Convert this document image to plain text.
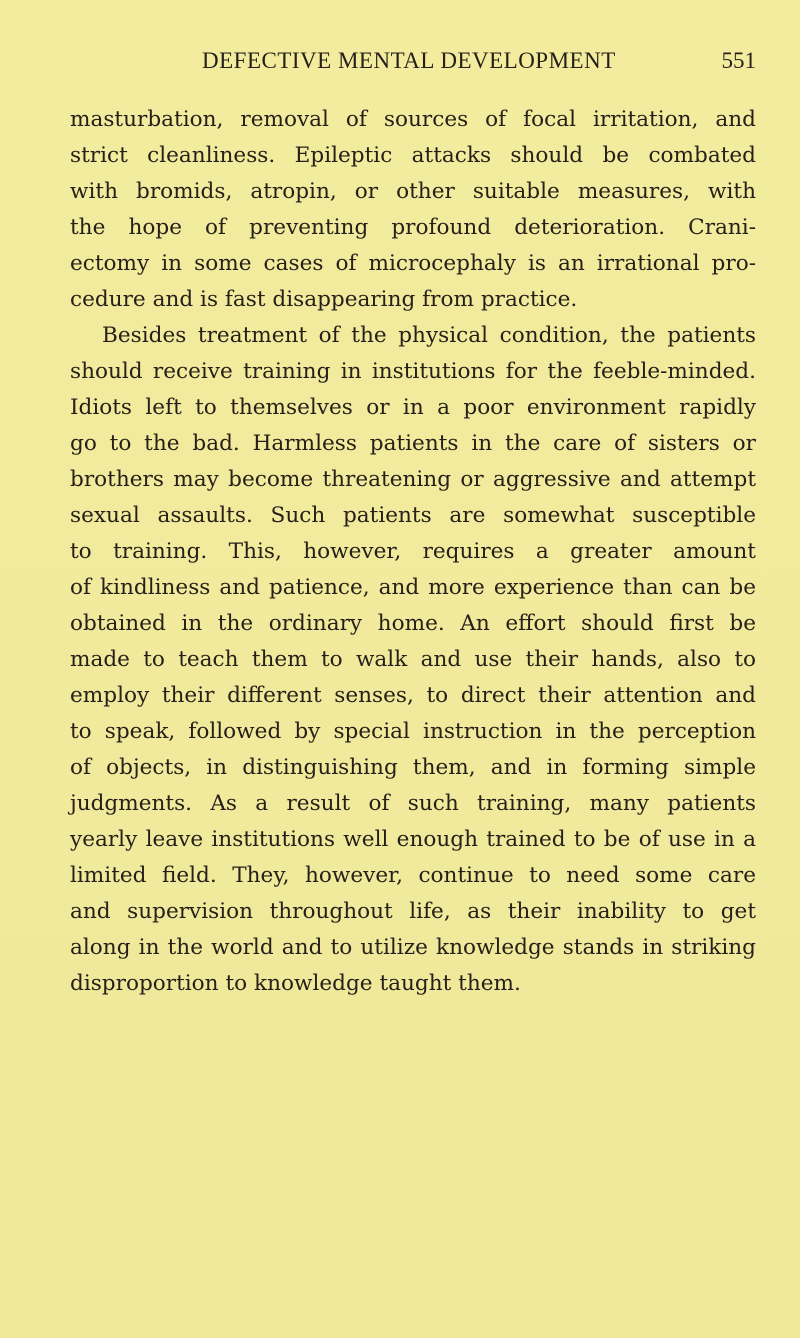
DEFECTIVE MENTAL DEVELOPMENT	551
masturbation, removal of sources of focal irritation, and
strict cleanliness. Epileptic attacks should be combated
with bromids, atropin, or other suitable measures, with
the hope of preventing profound deterioration. Crani-
ectomy in some cases of microcephaly is an irrational pro-
cedure and is fast disappearing from practice.
Besides treatment of the physical condition, the patients
should receive training in institutions for the feeble-minded.
Idiots left to themselves or in a poor environment rapidly
go to the bad. Harmless patients in the care of sisters or
brothers may become threatening or aggressive and attempt
sexual assaults. Such patients are somewhat susceptible
to training. This, however, requires a greater amount
of kindliness and patience, and more experience than can be
obtained in the ordinary home. An effort should first be
made to teach them to walk and use their hands, also to
employ their different senses, to direct their attention and
to speak, followed by special instruction in the perception
of objects, in distinguishing them, and in forming simple
judgments. As a result of such training, many patients
yearly leave institutions well enough trained to be of use in a
limited field. They, however, continue to need some care
and supervision throughout life, as their inability to get
along in the world and to utilize knowledge stands in striking
disproportion to knowledge taught them.
